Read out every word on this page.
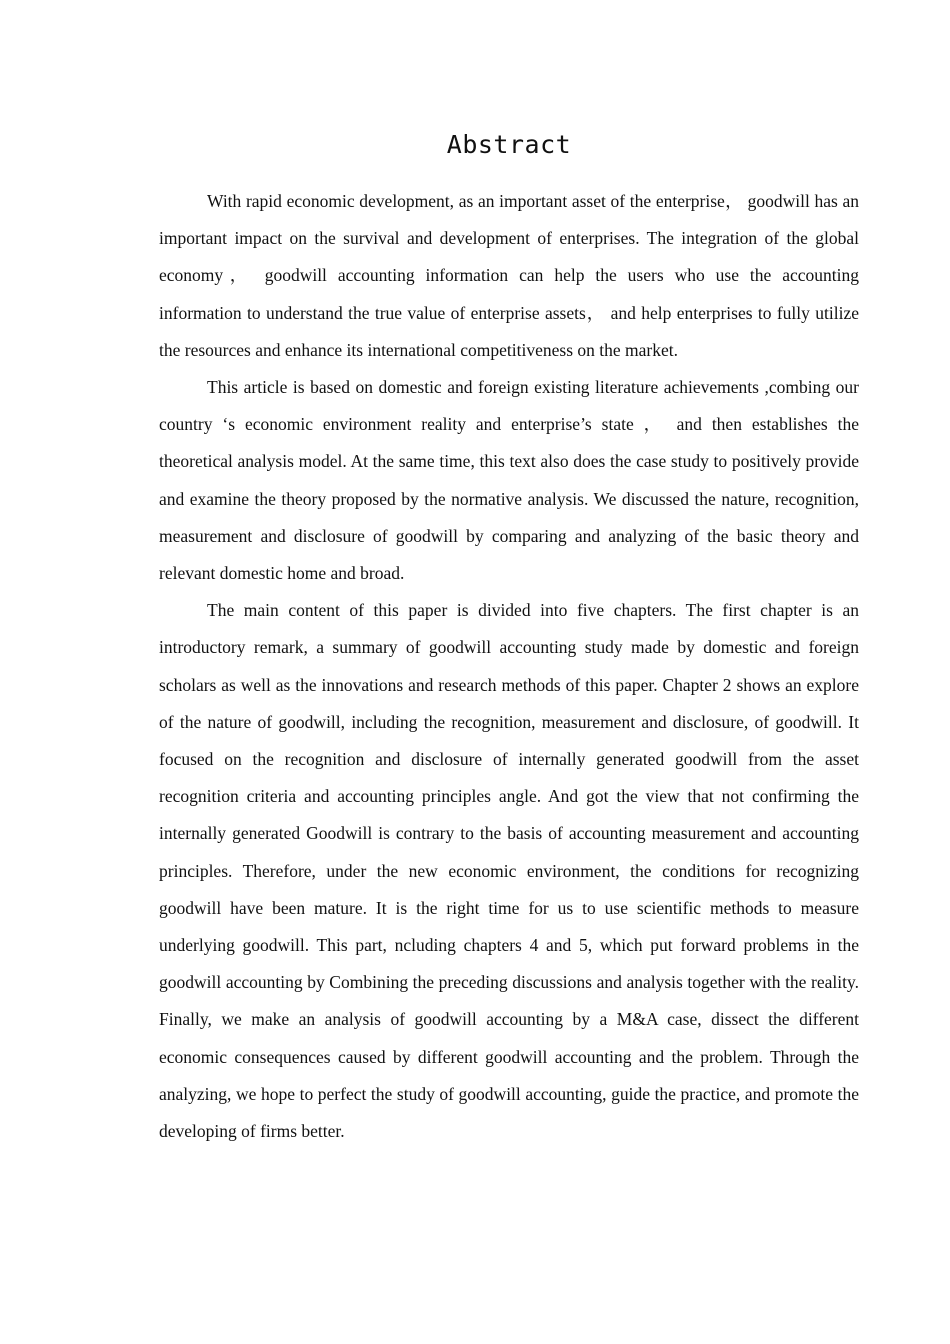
Abstract

With rapid economic development, as an important asset of the enterprise， goodwill has an important impact on the survival and development of enterprises. The integration of the global economy， goodwill accounting information can help the users who use the accounting information to understand the true value of enterprise assets， and help enterprises to fully utilize the resources and enhance its international competitiveness on the market.

This article is based on domestic and foreign existing literature achievements ,combing our country ‘s economic environment reality and enterprise’s state ， and then establishes the theoretical analysis model. At the same time, this text also does the case study to positively provide and examine the theory proposed by the normative analysis. We discussed the nature, recognition, measurement and disclosure of goodwill by comparing and analyzing of the basic theory and relevant domestic home and broad.

The main content of this paper is divided into five chapters. The first chapter is an introductory remark, a summary of goodwill accounting study made by domestic and foreign scholars as well as the innovations and research methods of this paper. Chapter 2 shows an explore of the nature of goodwill, including the recognition, measurement and disclosure, of goodwill. It focused on the recognition and disclosure of internally generated goodwill from the asset recognition criteria and accounting principles angle. And got the view that not confirming the internally generated Goodwill is contrary to the basis of accounting measurement and accounting principles. Therefore, under the new economic environment, the conditions for recognizing goodwill have been mature. It is the right time for us to use scientific methods to measure underlying goodwill. This part, ncluding chapters 4 and 5, which put forward problems in the goodwill accounting by Combining the preceding discussions and analysis together with the reality. Finally, we make an analysis of goodwill accounting by a M&A case, dissect the different economic consequences caused by different goodwill accounting and the problem. Through the analyzing, we hope to perfect the study of goodwill accounting, guide the practice, and promote the developing of firms better.
